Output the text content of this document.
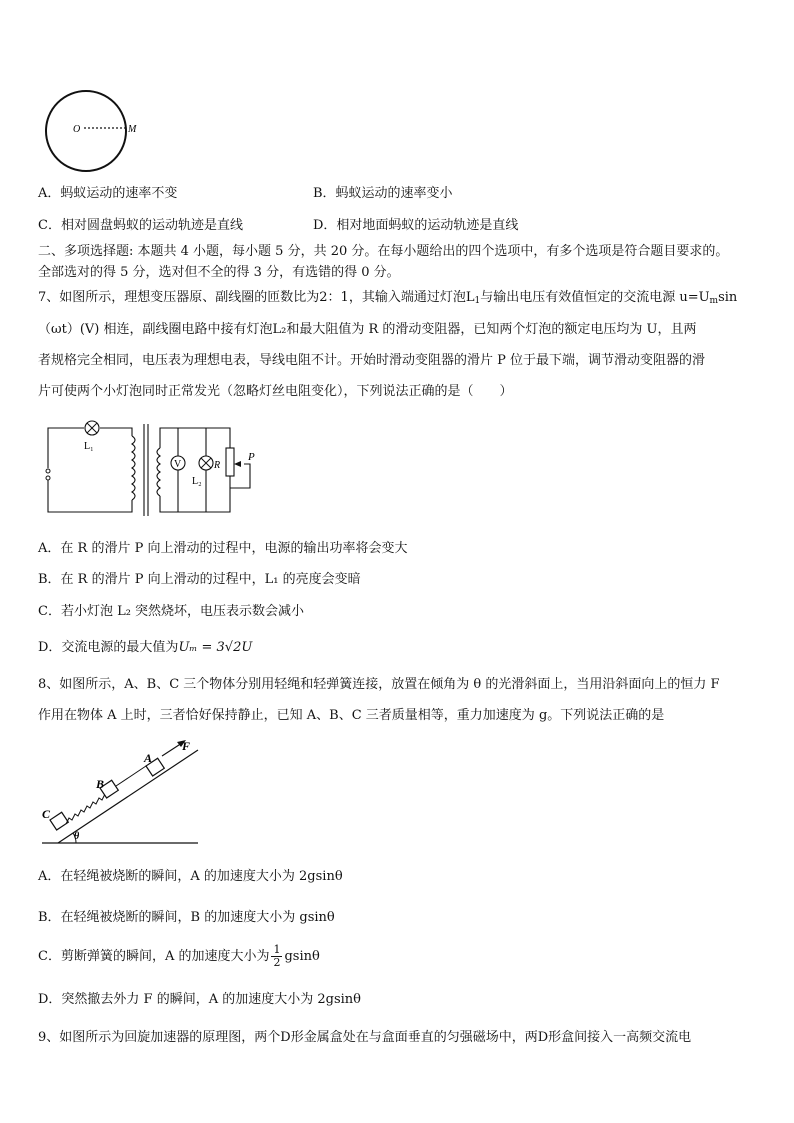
O	M
A．蚂蚁运动的速率不变	B．蚂蚁运动的速率变小
C．相对圆盘蚂蚁的运动轨迹是直线	D．相对地面蚂蚁的运动轨迹是直线
二、多项选择题: 本题共 4 小题，每小题 5 分，共 20 分。在每小题给出的四个选项中，有多个选项是符合题目要求的。
全部选对的得 5 分，选对但不全的得 3 分，有选错的得 0 分。
7、如图所示，理想变压器原、副线圈的匝数比为2：1，其输入端通过灯泡$L_1$与输出电压有效值恒定的交流电源 $u=U_m\sin$
（ωt）(V) 相连，副线圈电路中接有灯泡L₂和最大阻值为 R 的滑动变阻器，已知两个灯泡的额定电压均为 U，且两
者规格完全相同，电压表为理想电表，导线电阻不计。开始时滑动变阻器的滑片 P 位于最下端，调节滑动变阻器的滑
片可使两个小灯泡同时正常发光（忽略灯丝电阻变化），下列说法正确的是（　　）
L₁
V
L₂
R
P
A．在 R 的滑片 P 向上滑动的过程中，电源的输出功率将会变大
B．在 R 的滑片 P 向上滑动的过程中，L₁ 的亮度会变暗
C．若小灯泡 L₂ 突然烧坏，电压表示数会减小
D．交流电源的最大值为Uₘ = 3√2U
8、如图所示，A、B、C 三个物体分别用轻绳和轻弹簧连接，放置在倾角为 θ 的光滑斜面上，当用沿斜面向上的恒力 F
作用在物体 A 上时，三者恰好保持静止，已知 A、B、C 三者质量相等，重力加速度为 g。下列说法正确的是
θ
C
B
A
F
A．在轻绳被烧断的瞬间，A 的加速度大小为 2gsinθ
B．在轻绳被烧断的瞬间，B 的加速度大小为 gsinθ
C．剪断弹簧的瞬间，A 的加速度大小为 $\frac{1}{2}$ gsinθ
D．突然撤去外力 F 的瞬间，A 的加速度大小为 2gsinθ
9、如图所示为回旋加速器的原理图，两个D形金属盒处在与盒面垂直的匀强磁场中，两D形盒间接入一高频交流电
